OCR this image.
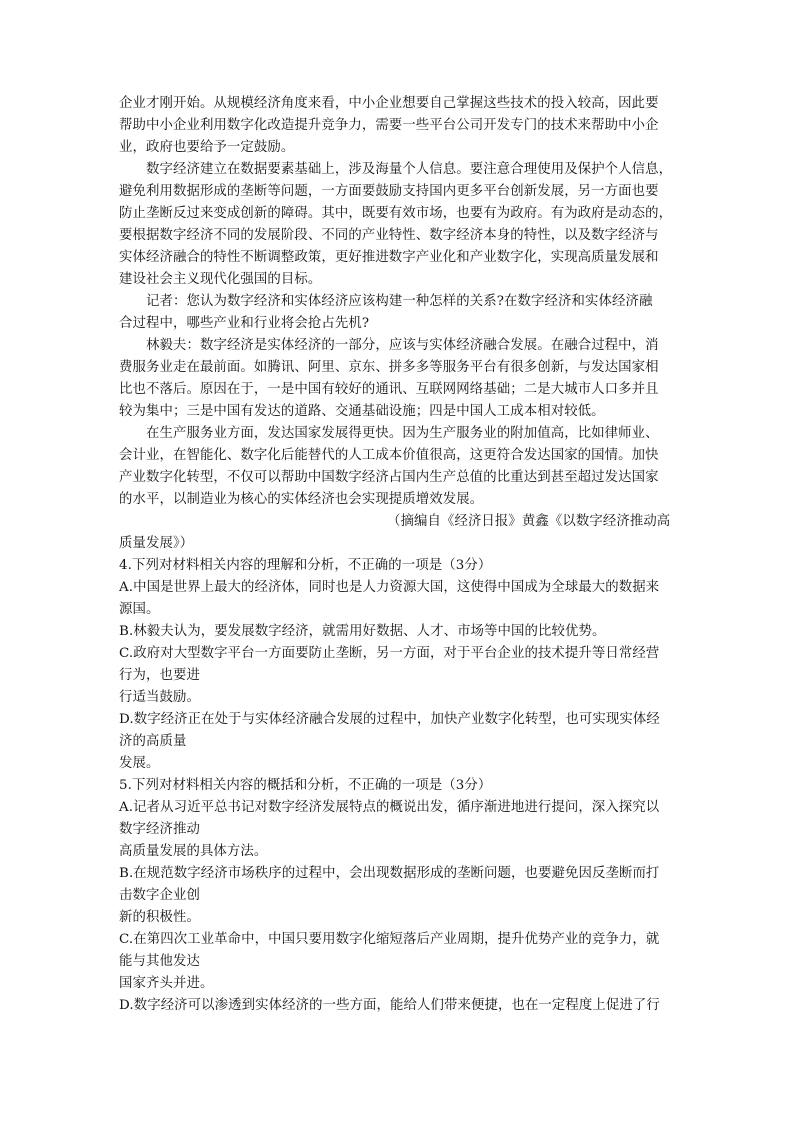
企业才刚开始。从规模经济角度来看，中小企业想要自己掌握这些技术的投入较高，因此要
帮助中小企业利用数字化改造提升竞争力，需要一些平台公司开发专门的技术来帮助中小企
业，政府也要给予一定鼓励。
数字经济建立在数据要素基础上，涉及海量个人信息。要注意合理使用及保护个人信息，
避免利用数据形成的垄断等问题，一方面要鼓励支持国内更多平台创新发展，另一方面也要
防止垄断反过来变成创新的障碍。其中，既要有效市场，也要有为政府。有为政府是动态的，
要根据数字经济不同的发展阶段、不同的产业特性、数字经济本身的特性，以及数字经济与
实体经济融合的特性不断调整政策，更好推进数字产业化和产业数字化，实现高质量发展和
建设社会主义现代化强国的目标。
记者：您认为数字经济和实体经济应该构建一种怎样的关系?在数字经济和实体经济融
合过程中，哪些产业和行业将会抢占先机?
林毅夫：数字经济是实体经济的一部分，应该与实体经济融合发展。在融合过程中，消
费服务业走在最前面。如腾讯、阿里、京东、拼多多等服务平台有很多创新，与发达国家相
比也不落后。原因在于，一是中国有较好的通讯、互联网网络基础；二是大城市人口多并且
较为集中；三是中国有发达的道路、交通基础设施；四是中国人工成本相对较低。
在生产服务业方面，发达国家发展得更快。因为生产服务业的附加值高，比如律师业、
会计业，在智能化、数字化后能替代的人工成本价值很高，这更符合发达国家的国情。加快
产业数字化转型，不仅可以帮助中国数字经济占国内生产总值的比重达到甚至超过发达国家
的水平，以制造业为核心的实体经济也会实现提质增效发展。
（摘编自《经济日报》黄鑫《以数字经济推动高
质量发展》）
4.下列对材料相关内容的理解和分析，不正确的一项是（3分）
A.中国是世界上最大的经济体，同时也是人力资源大国，这使得中国成为全球最大的数据来
源国。
B.林毅夫认为，要发展数字经济，就需用好数据、人才、市场等中国的比较优势。
C.政府对大型数字平台一方面要防止垄断，另一方面，对于平台企业的技术提升等日常经营
行为，也要进
行适当鼓励。
D.数字经济正在处于与实体经济融合发展的过程中，加快产业数字化转型，也可实现实体经
济的高质量
发展。
5.下列对材料相关内容的概括和分析，不正确的一项是（3分）
A.记者从习近平总书记对数字经济发展特点的概说出发，循序渐进地进行提问，深入探究以
数字经济推动
高质量发展的具体方法。
B.在规范数字经济市场秩序的过程中，会出现数据形成的垄断问题，也要避免因反垄断而打
击数字企业创
新的积极性。
C.在第四次工业革命中，中国只要用数字化缩短落后产业周期，提升优势产业的竞争力，就
能与其他发达
国家齐头并进。
D.数字经济可以渗透到实体经济的一些方面，能给人们带来便捷，也在一定程度上促进了行
